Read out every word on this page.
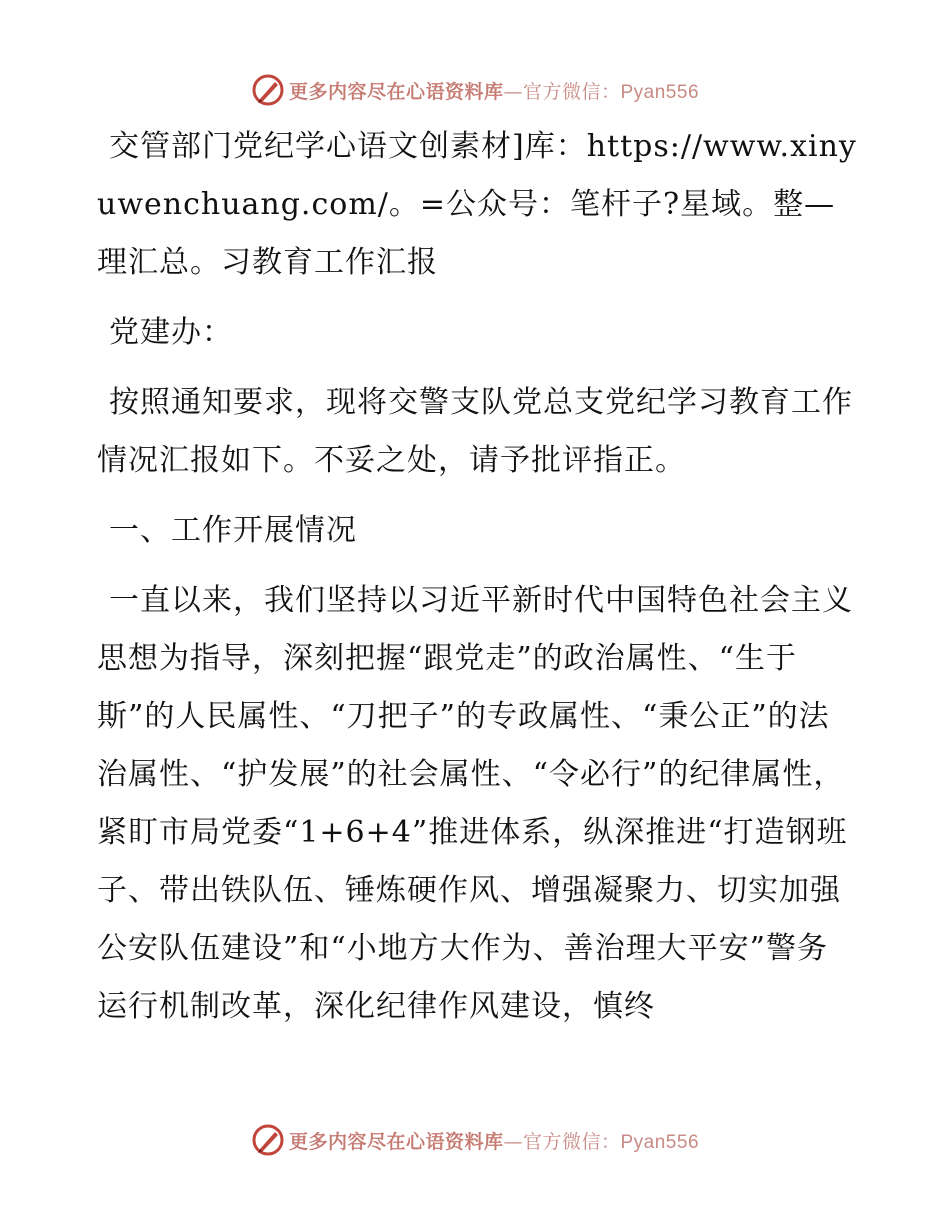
更多内容尽在心语资料库—官方微信：Pyan556

交管部门党纪学心语文创素材]库：https://www.xinyuwenchuang.com/。=公众号：笔杆子?星域。整—理汇总。习教育工作汇报

党建办：

按照通知要求，现将交警支队党总支党纪学习教育工作情况汇报如下。不妥之处，请予批评指正。

一、工作开展情况

一直以来，我们坚持以习近平新时代中国特色社会主义思想为指导，深刻把握“跟党走”的政治属性、“生于斯”的人民属性、“刀把子”的专政属性、“秉公正”的法治属性、“护发展”的社会属性、“令必行”的纪律属性，紧盯市局党委“1+6+4”推进体系，纵深推进“打造钢班子、带出铁队伍、锤炼硬作风、增强凝聚力、切实加强公安队伍建设”和“小地方大作为、善治理大平安”警务运行机制改革，深化纪律作风建设，慎终

更多内容尽在心语资料库—官方微信：Pyan556
